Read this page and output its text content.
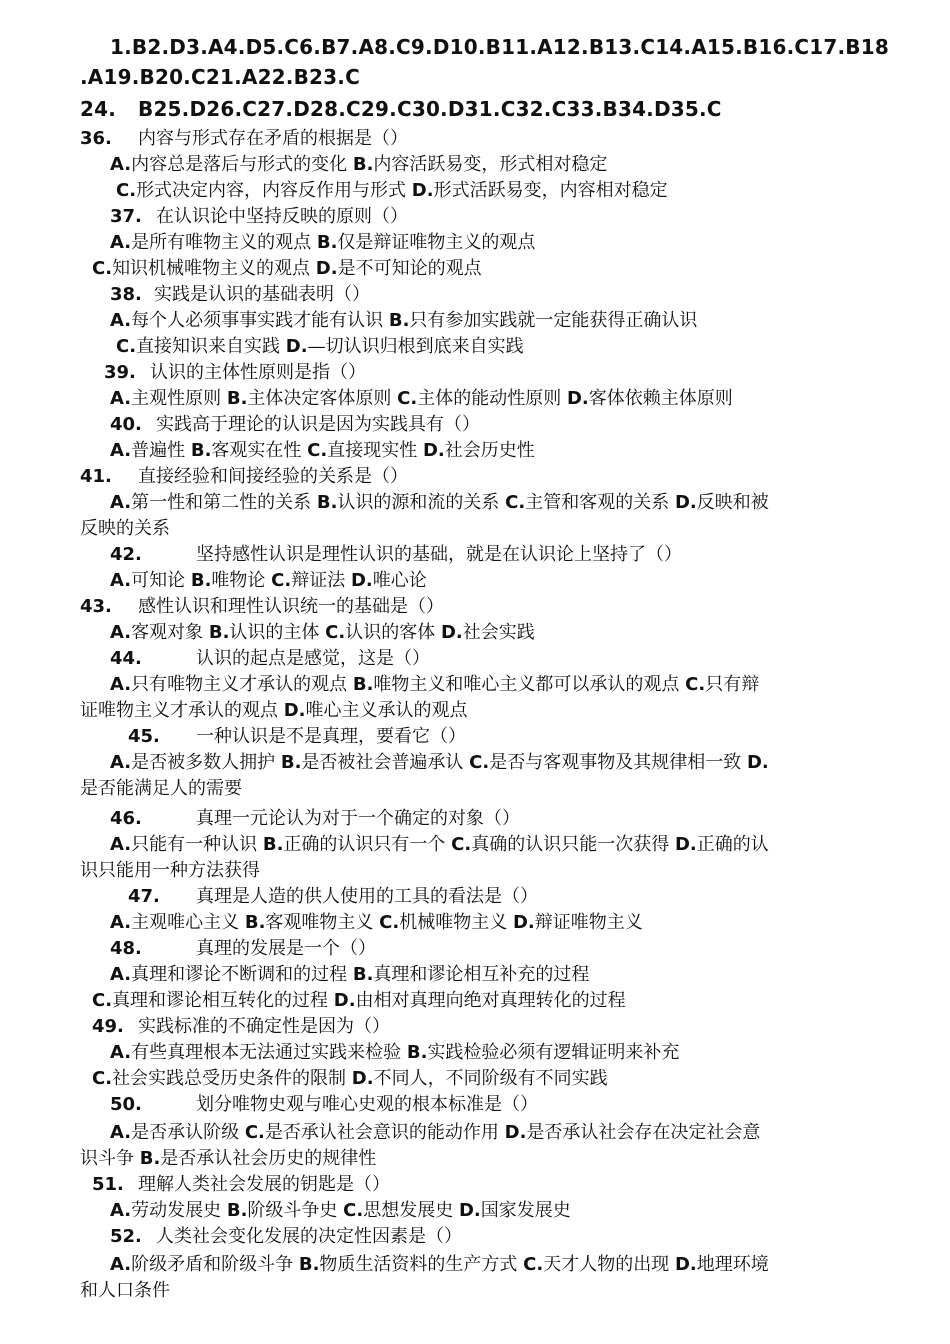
1.B2.D3.A4.D5.C6.B7.A8.C9.D10.B11.A12.B13.C14.A15.B16.C17.B18
.A19.B20.C21.A22.B23.C
24. B25.D26.C27.D28.C29.C30.D31.C32.C33.B34.D35.C
36. 内容与形式存在矛盾的根据是（）
A.内容总是落后与形式的变化 B.内容活跃易变，形式相对稳定
C.形式决定内容，内容反作用与形式 D.形式活跃易变，内容相对稳定
37. 在认识论中坚持反映的原则（）
A.是所有唯物主义的观点 B.仅是辩证唯物主义的观点
C.知识机械唯物主义的观点 D.是不可知论的观点
38. 实践是认识的基础表明（）
A.每个人必须事事实践才能有认识 B.只有参加实践就一定能获得正确认识
C.直接知识来自实践 D.—切认识归根到底来自实践
39. 认识的主体性原则是指（）
A.主观性原则 B.主体决定客体原则 C.主体的能动性原则 D.客体依赖主体原则
40. 实践高于理论的认识是因为实践具有（）
A.普遍性 B.客观实在性 C.直接现实性 D.社会历史性
41. 直接经验和间接经验的关系是（）
A.第一性和第二性的关系 B.认识的源和流的关系 C.主管和客观的关系 D.反映和被
反映的关系
42.	坚持感性认识是理性认识的基础，就是在认识论上坚持了（）
A.可知论 B.唯物论 C.辩证法 D.唯心论
43. 感性认识和理性认识统一的基础是（）
A.客观对象 B.认识的主体 C.认识的客体 D.社会实践
44.	认识的起点是感觉，这是（）
A.只有唯物主义才承认的观点 B.唯物主义和唯心主义都可以承认的观点 C.只有辩
证唯物主义才承认的观点 D.唯心主义承认的观点
45. 一种认识是不是真理，要看它（）
A.是否被多数人拥护 B.是否被社会普遍承认 C.是否与客观事物及其规律相一致 D.
是否能满足人的需要
46.	真理一元论认为对于一个确定的对象（）
A.只能有一种认识 B.正确的认识只有一个 C.真确的认识只能一次获得 D.正确的认
识只能用一种方法获得
47. 真理是人造的供人使用的工具的看法是（）
A.主观唯心主义 B.客观唯物主义 C.机械唯物主义 D.辩证唯物主义
48.	真理的发展是一个（）
A.真理和谬论不断调和的过程 B.真理和谬论相互补充的过程
C.真理和谬论相互转化的过程 D.由相对真理向绝对真理转化的过程
49. 实践标准的不确定性是因为（）
A.有些真理根本无法通过实践来检验 B.实践检验必须有逻辑证明来补充
C.社会实践总受历史条件的限制 D.不同人，不同阶级有不同实践
50.	划分唯物史观与唯心史观的根本标准是（）
A.是否承认阶级 C.是否承认社会意识的能动作用 D.是否承认社会存在决定社会意
识斗争 B.是否承认社会历史的规律性
51. 理解人类社会发展的钥匙是（）
A.劳动发展史 B.阶级斗争史 C.思想发展史 D.国家发展史
52. 人类社会变化发展的决定性因素是（）
A.阶级矛盾和阶级斗争 B.物质生活资料的生产方式 C.天才人物的出现 D.地理环境
和人口条件
